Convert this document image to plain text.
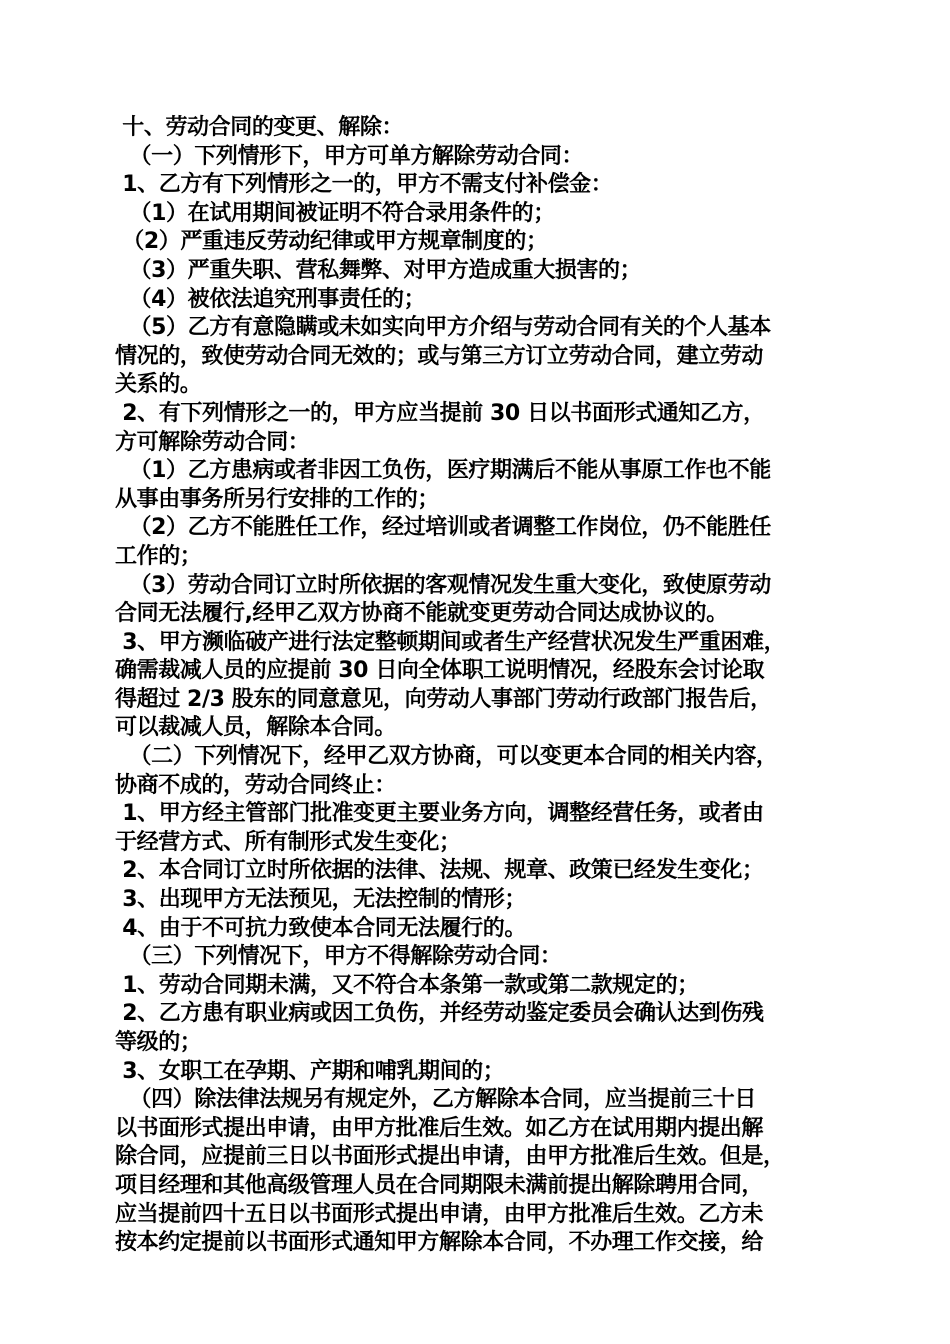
十、劳动合同的变更、解除：
（一）下列情形下，甲方可单方解除劳动合同：
1、乙方有下列情形之一的，甲方不需支付补偿金：
（1）在试用期间被证明不符合录用条件的；
（2）严重违反劳动纪律或甲方规章制度的；
（3）严重失职、营私舞弊、对甲方造成重大损害的；
（4）被依法追究刑事责任的；
（5）乙方有意隐瞒或未如实向甲方介绍与劳动合同有关的个人基本
情况的，致使劳动合同无效的；或与第三方订立劳动合同，建立劳动
关系的。
2、有下列情形之一的，甲方应当提前 30 日以书面形式通知乙方，
方可解除劳动合同：
（1）乙方患病或者非因工负伤，医疗期满后不能从事原工作也不能
从事由事务所另行安排的工作的；
（2）乙方不能胜任工作，经过培训或者调整工作岗位，仍不能胜任
工作的；
（3）劳动合同订立时所依据的客观情况发生重大变化，致使原劳动
合同无法履行,经甲乙双方协商不能就变更劳动合同达成协议的。
3、甲方濒临破产进行法定整顿期间或者生产经营状况发生严重困难，
确需裁减人员的应提前 30 日向全体职工说明情况，经股东会讨论取
得超过 2/3 股东的同意意见，向劳动人事部门劳动行政部门报告后，
可以裁减人员，解除本合同。
（二）下列情况下，经甲乙双方协商，可以变更本合同的相关内容，
协商不成的，劳动合同终止：
1、甲方经主管部门批准变更主要业务方向，调整经营任务，或者由
于经营方式、所有制形式发生变化；
2、本合同订立时所依据的法律、法规、规章、政策已经发生变化；
3、出现甲方无法预见，无法控制的情形；
4、由于不可抗力致使本合同无法履行的。
（三）下列情况下，甲方不得解除劳动合同：
1、劳动合同期未满，又不符合本条第一款或第二款规定的；
2、乙方患有职业病或因工负伤，并经劳动鉴定委员会确认达到伤残
等级的；
3、女职工在孕期、产期和哺乳期间的；
（四）除法律法规另有规定外，乙方解除本合同，应当提前三十日
以书面形式提出申请，由甲方批准后生效。如乙方在试用期内提出解
除合同，应提前三日以书面形式提出申请，由甲方批准后生效。但是，
项目经理和其他高级管理人员在合同期限未满前提出解除聘用合同，
应当提前四十五日以书面形式提出申请，由甲方批准后生效。乙方未
按本约定提前以书面形式通知甲方解除本合同，不办理工作交接，给
